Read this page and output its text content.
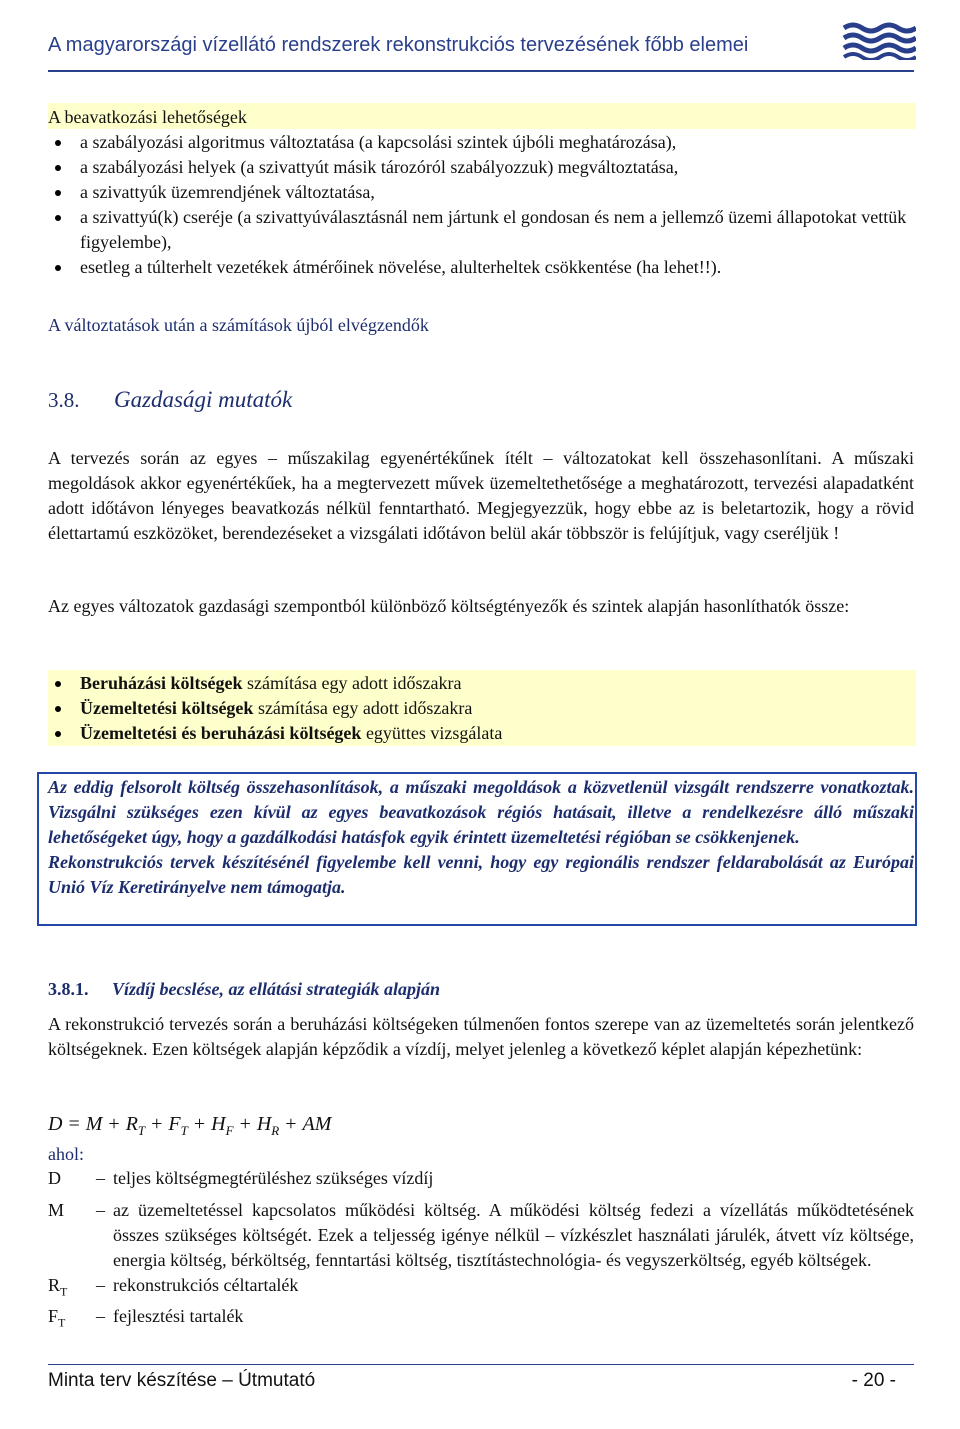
A magyarországi vízellátó rendszerek rekonstrukciós tervezésének főbb elemei
A beavatkozási lehetőségek
a szabályozási algoritmus változtatása (a kapcsolási szintek újbóli meghatározása),
a szabályozási helyek (a szivattyút másik tározóról szabályozzuk) megváltoztatása,
a szivattyúk üzemrendjének változtatása,
a szivattyú(k) cseréje (a szivattyúválasztásnál nem jártunk el gondosan és nem a jellemző üzemi állapotokat vettük figyelembe),
esetleg a túlterhelt vezetékek átmérőinek növelése, alulterheltek csökkentése (ha lehet!!).
A változtatások után a számítások újból elvégzendők
3.8. Gazdasági mutatók
A tervezés során az egyes – műszakilag egyenértékűnek ítélt – változatokat kell összehasonlítani. A műszaki megoldások akkor egyenértékűek, ha a megtervezett művek üzemeltethetősége a meghatározott, tervezési alapadatként adott időtávon lényeges beavatkozás nélkül fenntartható. Megjegyezzük, hogy ebbe az is beletartozik, hogy a rövid élettartamú eszközöket, berendezéseket a vizsgálati időtávon belül akár többször is felújítjuk, vagy cseréljük !
Az egyes változatok gazdasági szempontból különböző költségtényezők és szintek alapján hasonlíthatók össze:
Beruházási költségek számítása egy adott időszakra
Üzemeltetési költségek számítása egy adott időszakra
Üzemeltetési és beruházási költségek együttes vizsgálata

Az eddig felsorolt költség összehasonlítások, a műszaki megoldások a közvetlenül vizsgált rendszerre vonatkoztak. Vizsgálni szükséges ezen kívül az egyes beavatkozások régiós hatásait, illetve a rendelkezésre álló műszaki lehetőségeket úgy, hogy a gazdálkodási hatásfok egyik érintett üzemeltetési régióban se csökkenjenek.

Rekonstrukciós tervek készítésénél figyelembe kell venni, hogy egy regionális rendszer feldarabolását az Európai Unió Víz Keretirányelve nem támogatja.

3.8.1. Vízdíj becslése, az ellátási strategiák alapján
A rekonstrukció tervezés során a beruházási költségeken túlmenően fontos szerepe van az üzemeltetés során jelentkező költségeknek. Ezen költségek alapján képződik a vízdíj, melyet jelenleg a következő képlet alapján képezhetünk:
$D = M + R_T + F_T + H_F + H_R$ + AM
ahol:
D	– teljes költségmegtérüléshez szükséges vízdíj
M	– az üzemeltetéssel kapcsolatos működési költség. A működési költség fedezi a vízellátás működtetésének összes szükséges költségét. Ezek a teljesség igénye nélkül – vízkészlet használati járulék, átvett víz költsége, energia költség, bérköltség, fenntartási költség, tisztítástechnológia- és vegyszerköltség, egyéb költségek.
$R_T$	– rekonstrukciós céltartalék
$F_T$	– fejlesztési tartalék
Minta terv készítése – Útmutató	- 20 -
